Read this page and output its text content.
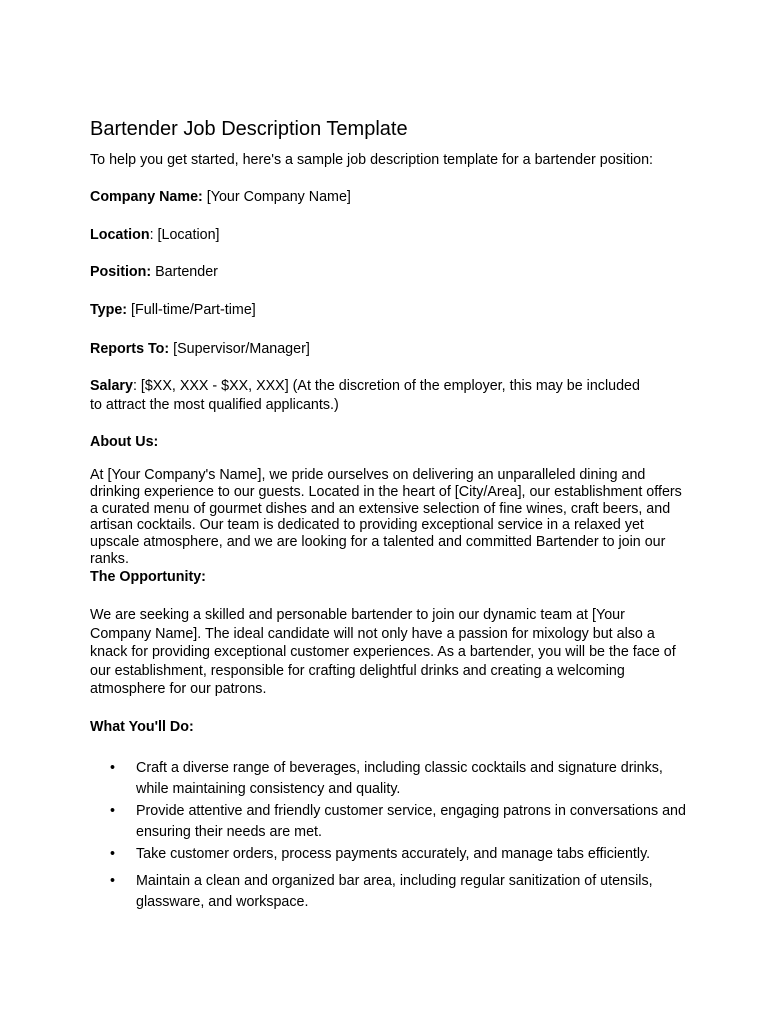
Bartender Job Description Template

To help you get started, here's a sample job description template for a bartender position:

Company Name: [Your Company Name]

Location: [Location]

Position: Bartender

Type: [Full-time/Part-time]

Reports To: [Supervisor/Manager]

Salary: [$XX, XXX - $XX, XXX] (At the discretion of the employer, this may be included to attract the most qualified applicants.)

About Us:

At [Your Company's Name], we pride ourselves on delivering an unparalleled dining and drinking experience to our guests. Located in the heart of [City/Area], our establishment offers a curated menu of gourmet dishes and an extensive selection of fine wines, craft beers, and artisan cocktails. Our team is dedicated to providing exceptional service in a relaxed yet upscale atmosphere, and we are looking for a talented and committed Bartender to join our ranks.

The Opportunity:

We are seeking a skilled and personable bartender to join our dynamic team at [Your Company Name]. The ideal candidate will not only have a passion for mixology but also a knack for providing exceptional customer experiences. As a bartender, you will be the face of our establishment, responsible for crafting delightful drinks and creating a welcoming atmosphere for our patrons.

What You'll Do:

• Craft a diverse range of beverages, including classic cocktails and signature drinks, while maintaining consistency and quality.
• Provide attentive and friendly customer service, engaging patrons in conversations and ensuring their needs are met.
• Take customer orders, process payments accurately, and manage tabs efficiently.
• Maintain a clean and organized bar area, including regular sanitization of utensils, glassware, and workspace.
